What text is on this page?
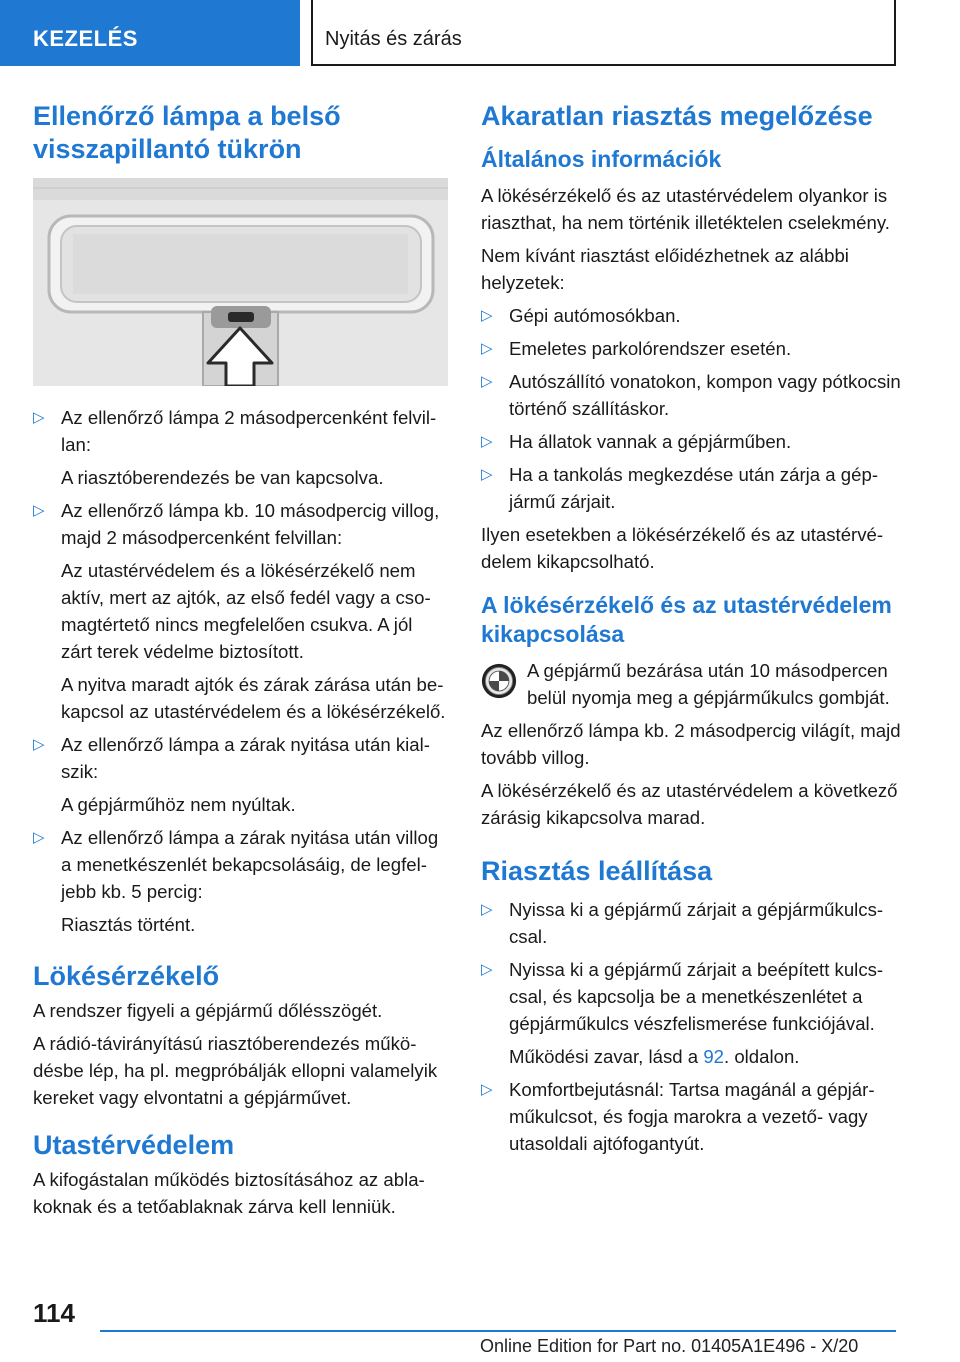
KEZELÉS	Nyitás és zárás
Ellenőrző lámpa a belső visszapillantó tükrön
▷ Az ellenőrző lámpa 2 másodpercenként felvillan:
A riasztóberendezés be van kapcsolva.
▷ Az ellenőrző lámpa kb. 10 másodpercig villog, majd 2 másodpercenként felvillan:
Az utastérvédelem és a lökésérzékelő nem aktív, mert az ajtók, az első fedél vagy a csomagtértető nincs megfelelően csukva. A jól zárt terek védelme biztosított.
A nyitva maradt ajtók és zárak zárása után bekapcsol az utastérvédelem és a lökésérzékelő.
▷ Az ellenőrző lámpa a zárak nyitása után kialszik:
A gépjárműhöz nem nyúltak.
▷ Az ellenőrző lámpa a zárak nyitása után villog a menetkészenlét bekapcsolásáig, de legfeljebb kb. 5 percig:
Riasztás történt.
Lökésérzékelő

A rendszer figyeli a gépjármű dőlésszögét.

A rádió-távirányítású riasztóberendezés működésbe lép, ha pl. megpróbálják ellopni valamelyik kereket vagy elvontatni a gépjárművet.

Utastérvédelem

A kifogástalan működés biztosításához az ablakoknak és a tetőablaknak zárva kell lenniük.

Akaratlan riasztás megelőzése
Általános információk

A lökésérzékelő és az utastérvédelem olyankor is riaszthat, ha nem történik illetéktelen cselekmény.

Nem kívánt riasztást előidézhetnek az alábbi helyzetek:

▷ Gépi autómosókban.
▷ Emeletes parkolórendszer esetén.
▷ Autószállító vonatokon, kompon vagy pótkocsin történő szállításkor.
▷ Ha állatok vannak a gépjárműben.
▷ Ha a tankolás megkezdése után zárja a gépjármű zárjait.

Ilyen esetekben a lökésérzékelő és az utastérvédelem kikapcsolható.

A lökésérzékelő és az utastérvédelem kikapcsolása

A gépjármű bezárása után 10 másodpercen belül nyomja meg a gépjárműkulcs gombját.

Az ellenőrző lámpa kb. 2 másodpercig világít, majd tovább villog.

A lökésérzékelő és az utastérvédelem a következő zárásig kikapcsolva marad.

Riasztás leállítása
▷ Nyissa ki a gépjármű zárjait a gépjárműkulcscsal.
▷ Nyissa ki a gépjármű zárjait a beépített kulcscsal, és kapcsolja be a menetkészenlétet a gépjárműkulcs vészfelismerése funkciójával.
Működési zavar, lásd a 92. oldalon.
▷ Komfortbejutásnál: Tartsa magánál a gépjárműkulcsot, és fogja marokra a vezető- vagy utasoldali ajtófogantyút.
114
Online Edition for Part no. 01405A1E496 - X/20
